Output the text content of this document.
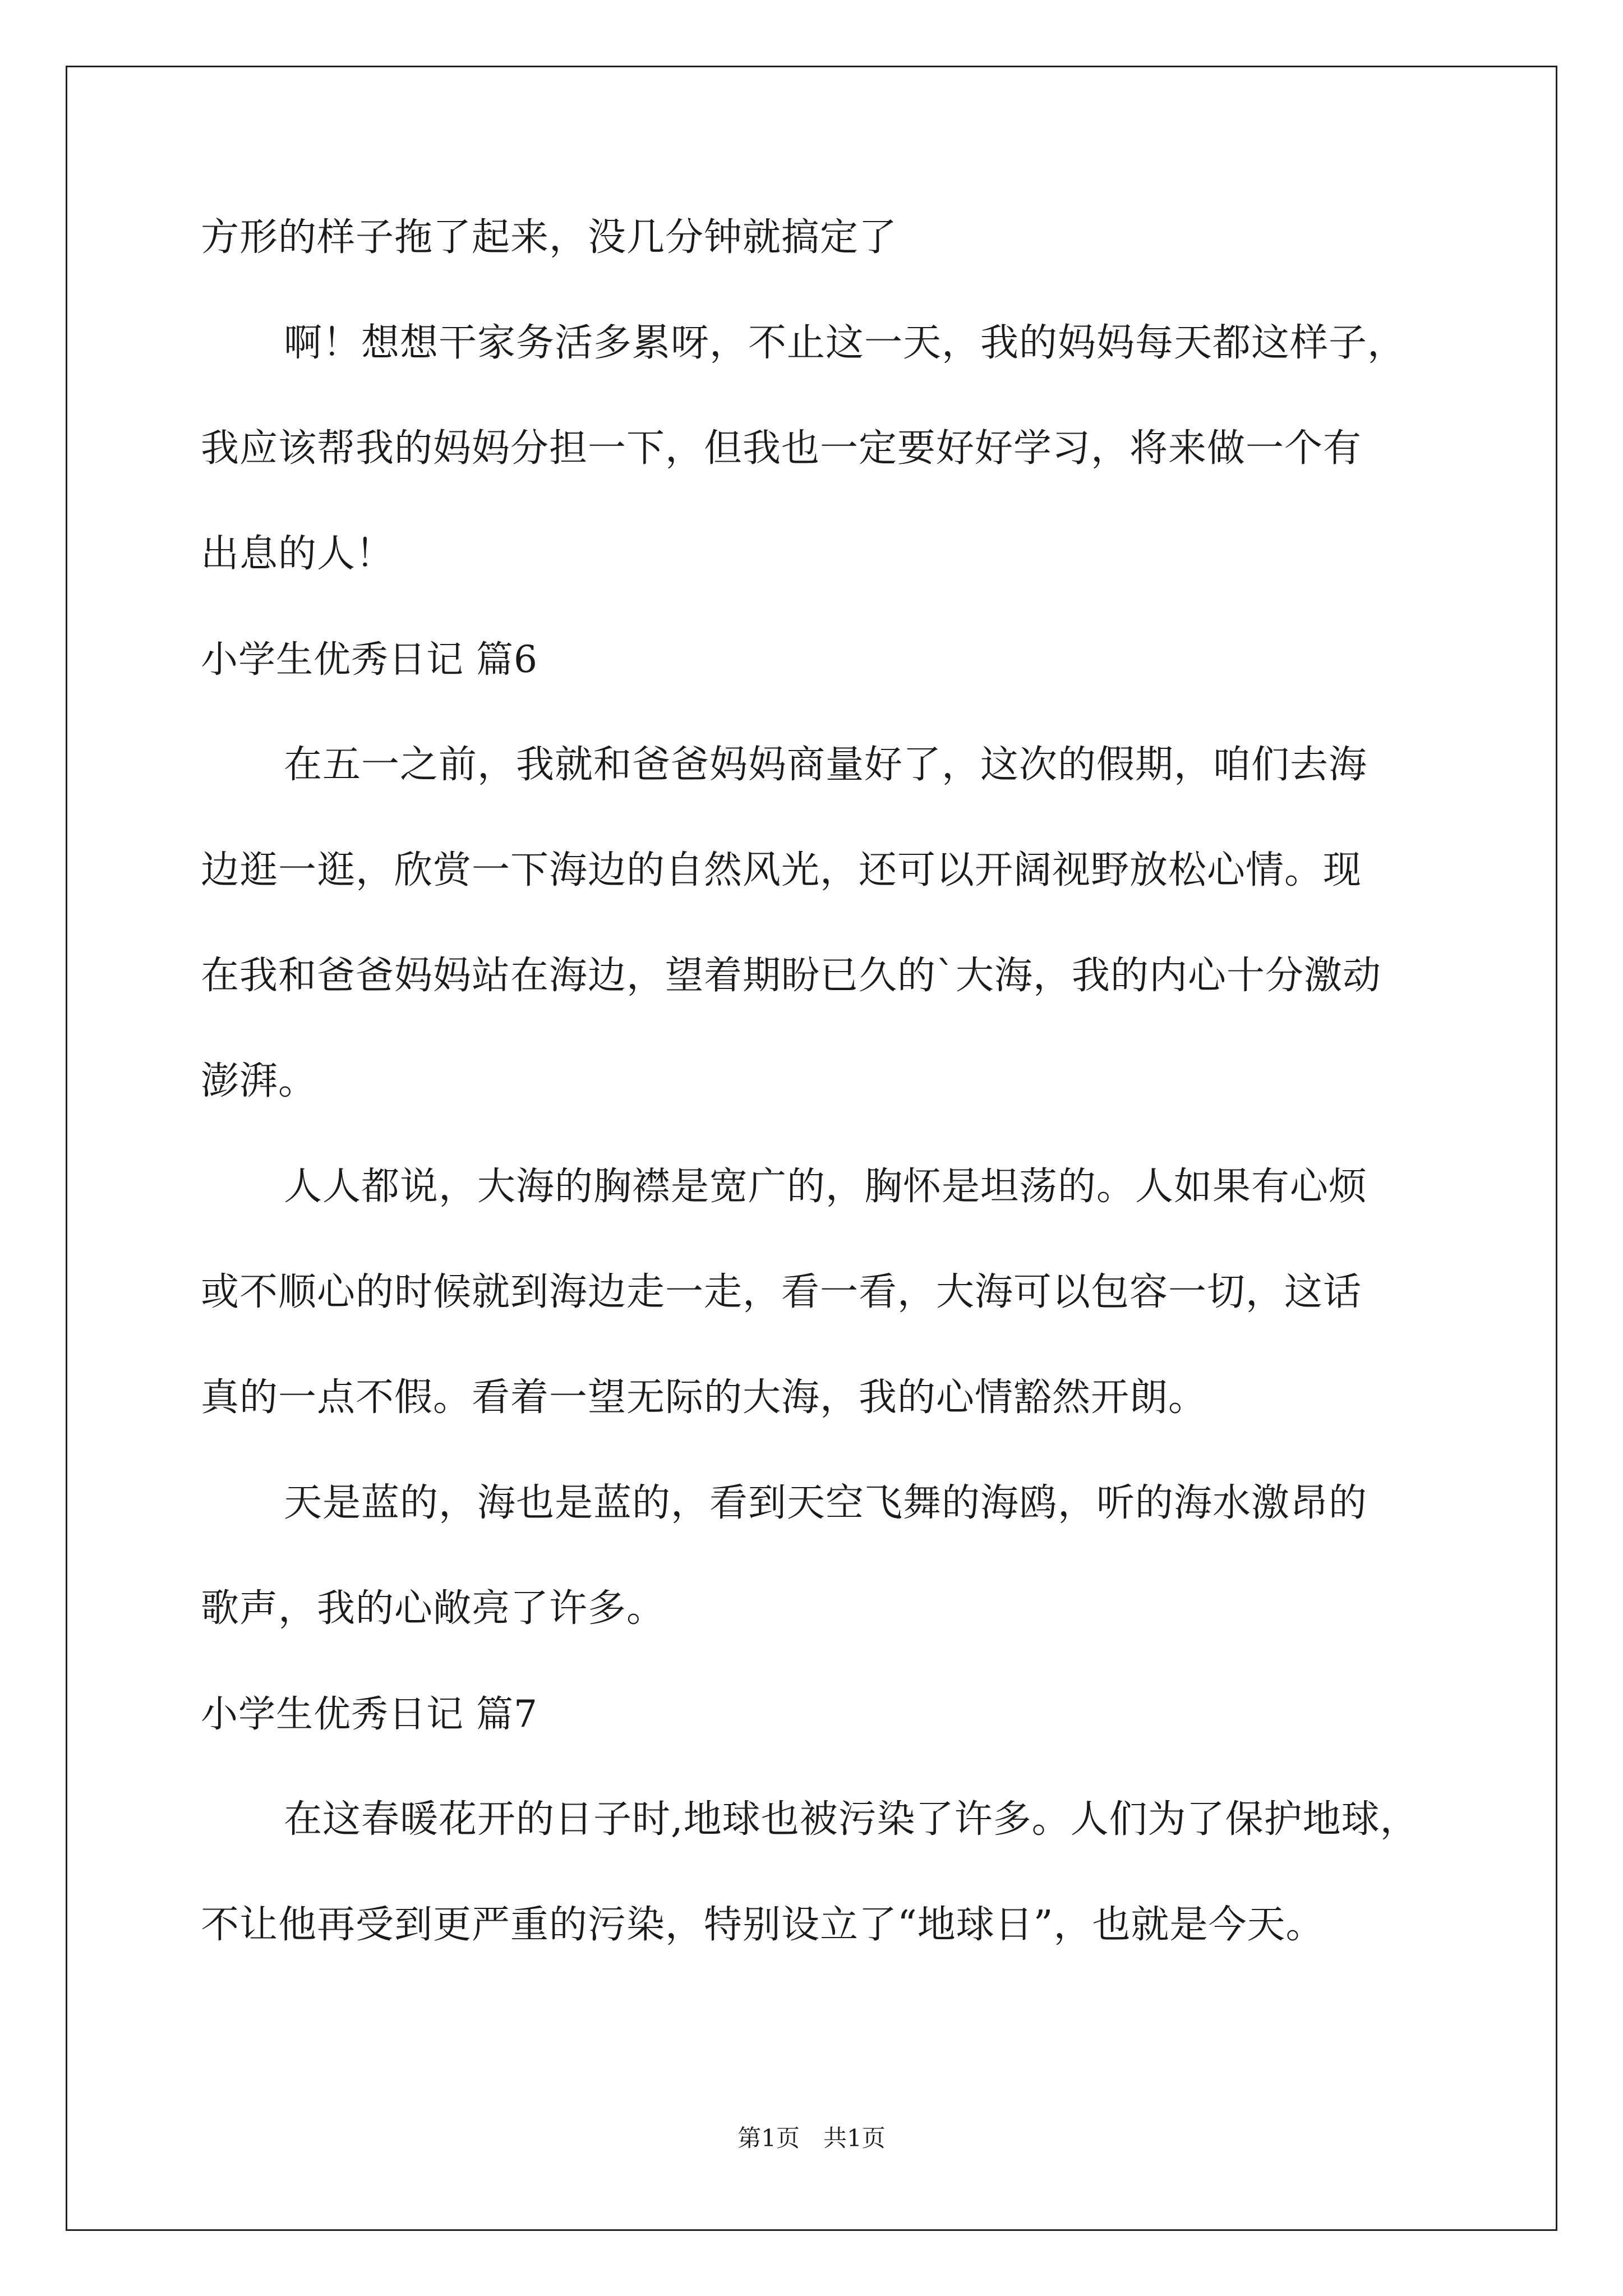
方形的样子拖了起来，没几分钟就搞定了

啊！想想干家务活多累呀，不止这一天，我的妈妈每天都这样子，

我应该帮我的妈妈分担一下，但我也一定要好好学习，将来做一个有

出息的人！

小学生优秀日记 篇6

在五一之前，我就和爸爸妈妈商量好了，这次的假期，咱们去海

边逛一逛，欣赏一下海边的自然风光，还可以开阔视野放松心情。现

在我和爸爸妈妈站在海边，望着期盼已久的`大海，我的内心十分激动

澎湃。

人人都说，大海的胸襟是宽广的，胸怀是坦荡的。人如果有心烦

或不顺心的时候就到海边走一走，看一看，大海可以包容一切，这话

真的一点不假。看着一望无际的大海，我的心情豁然开朗。

天是蓝的，海也是蓝的，看到天空飞舞的海鸥，听的海水激昂的

歌声，我的心敞亮了许多。

小学生优秀日记 篇7

在这春暖花开的日子时,地球也被污染了许多。人们为了保护地球，

不让他再受到更严重的污染，特别设立了“地球日”，也就是今天。

第1页　共1页
